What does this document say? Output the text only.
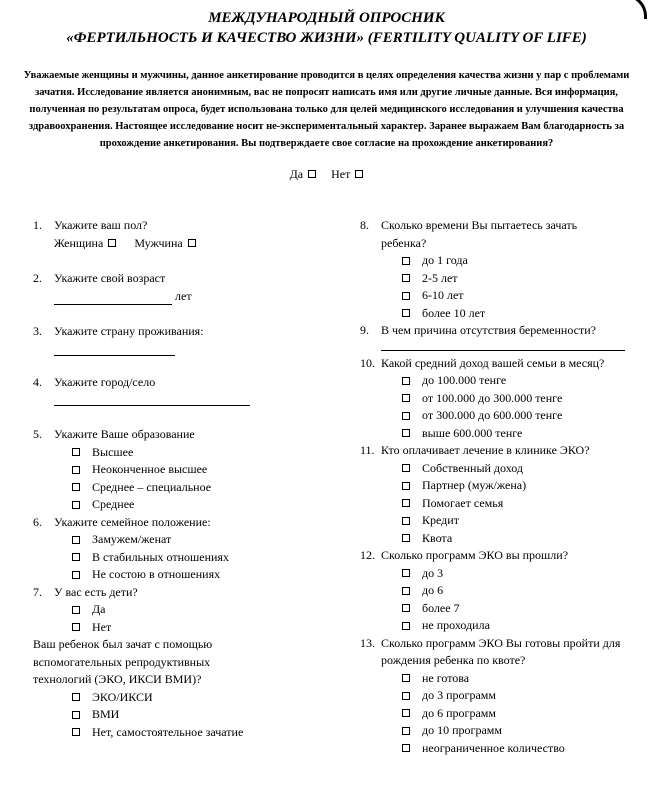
МЕЖДУНАРОДНЫЙ ОПРОСНИК
«ФЕРТИЛЬНОСТЬ И КАЧЕСТВО ЖИЗНИ» (FERTILITY QUALITY OF LIFE)
Уважаемые женщины и мужчины, данное анкетирование проводится в целях определения качества жизни у пар с проблемами зачатия. Исследование является анонимным, вас не попросят написать имя или другие личные данные. Вся информация, полученная по результатам опроса, будет использована только для целей медицинского исследования и улучшения качества здравоохранения. Настоящее исследование носит не-экспериментальный характер. Заранее выражаем Вам благодарность за прохождение анкетирования. Вы подтверждаете свое согласие на прохождение анкетирования?
Да Нет
1.	Укажите ваш пол?
Женщина	Мужчина
2.	Укажите свой возраст
лет
3.	Укажите страну проживания:
4.	Укажите город/село
5.	Укажите Ваше образование
Высшее
Неоконченное высшее
Среднее – специальное
Среднее
6.	Укажите семейное положение:
Замужем/женат
В стабильных отношениях
Не состою в отношениях
7.	У вас есть дети?
Да
Нет
Ваш ребенок был зачат с помощью вспомогательных репродуктивных технологий (ЭКО, ИКСИ ВМИ)?
ЭКО/ИКСИ
ВМИ
Нет, самостоятельное зачатие
8.	Сколько времени Вы пытаетесь зачать ребенка?
до 1 года
2-5 лет
6-10 лет
более 10 лет
9.	В чем причина отсутствия беременности?
10. Какой средний доход вашей семьи в месяц?
до 100.000 тенге
от 100.000 до 300.000 тенге
от 300.000 до 600.000 тенге
выше 600.000 тенге
11. Кто оплачивает лечение в клинике ЭКО?
Собственный доход
Партнер (муж/жена)
Помогает семья
Кредит
Квота
12. Сколько программ ЭКО вы прошли?
до 3
до 6
более 7
не проходила
13. Сколько программ ЭКО Вы готовы пройти для рождения ребенка по квоте?
не готова
до 3 программ
до 6 программ
до 10 программ
неограниченное количество
